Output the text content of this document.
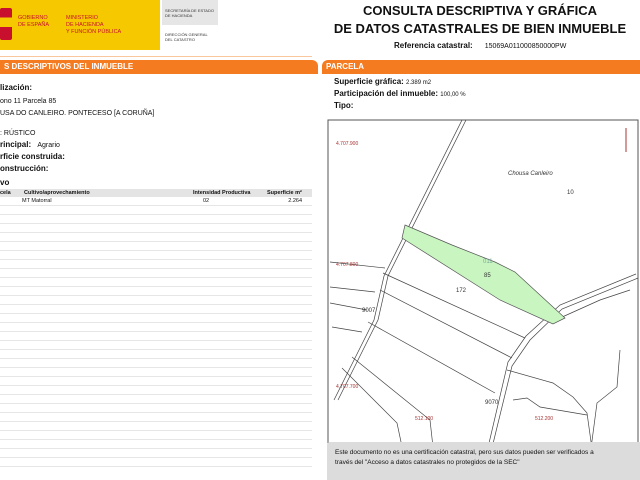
GOBIERNO
DE ESPAÑA
MINISTERIO
DE HACIENDA
Y FUNCIÓN PÚBLICA
SECRETARÍA DE ESTADO
DE HACIENDA
DIRECCIÓN GENERAL
DEL CATASTRO
CONSULTA DESCRIPTIVA Y GRÁFICA
DE DATOS CATASTRALES DE BIEN INMUEBLE
Referencia catastral: 15069A011000850000PW
S DESCRIPTIVOS DEL INMUEBLE
lización:
ono 11 Parcela 85
USA DO CANLEIRO. PONTECESO [A CORUÑA]
: RÚSTICO
rincipal: Agrario
rficie construida:
onstrucción:
vo
cela Cultivo/aprovechamiento	Intensidad Productiva	Superficie m²
MT Matorral	02	2.264
PARCELA
Superficie gráfica: 2.389 m2
Participación del inmueble: 100,00 %
Tipo:
Chousa Canleiro
10
011
85
172
9007
9070
4.707.900
4.707.800
4.707.700
512.100	512.200
Este documento no es una certificación catastral, pero sus datos pueden ser verificados a
través del "Acceso a datos catastrales no protegidos de la SEC"
